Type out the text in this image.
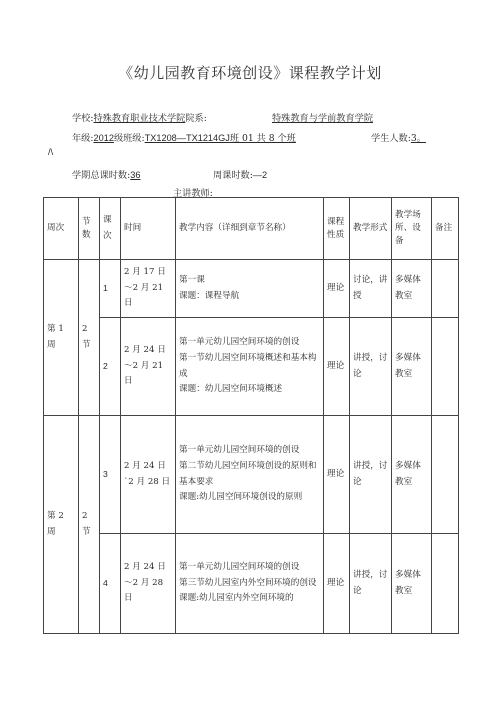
《幼儿园教育环境创设》课程教学计划
学校:特殊教育职业技术学院院系:	特殊教育与学前教育学院
年级:2012级班级:TX1208—TX1214GJ班 01 共 8 个班	学生人数:3。
/\
学期总课时数:36	周课时数:—2
主讲教师:
周次	节数	课次	时间	教学内容（详细到章节名称）	课程性质	教学形式	教学场所、设备	备注
第 1 周	2 节	1	2 月 17 日～2 月 21 日	第一课
课题：课程导航	理论	讨论，讲授	多媒体教室	
		2	2 月 24 日～2 月 21 日	第一单元幼儿园空间环境的创设
第一节幼儿园空间环境概述和基本构成
课题：幼儿园空间环境概述	理论	讲授，讨论	多媒体教室	
第 2 周	2 节	3	2 月 24 日`2 月 28 日	第一单元幼儿园空间环境的创设
第二节幼儿园空间环境创设的原则和基本要求
课题:幼儿园空间环境创设的原则	理论	讲授，讨论	多媒体教室	
		4	2 月 24 日～2 月 28 日	第一单元幼儿园空间环境的创设
第三节幼儿园室内外空间环境的创设
课题:幼儿园室内外空间环境的	理论	讲授，讨论	多媒体教室	
